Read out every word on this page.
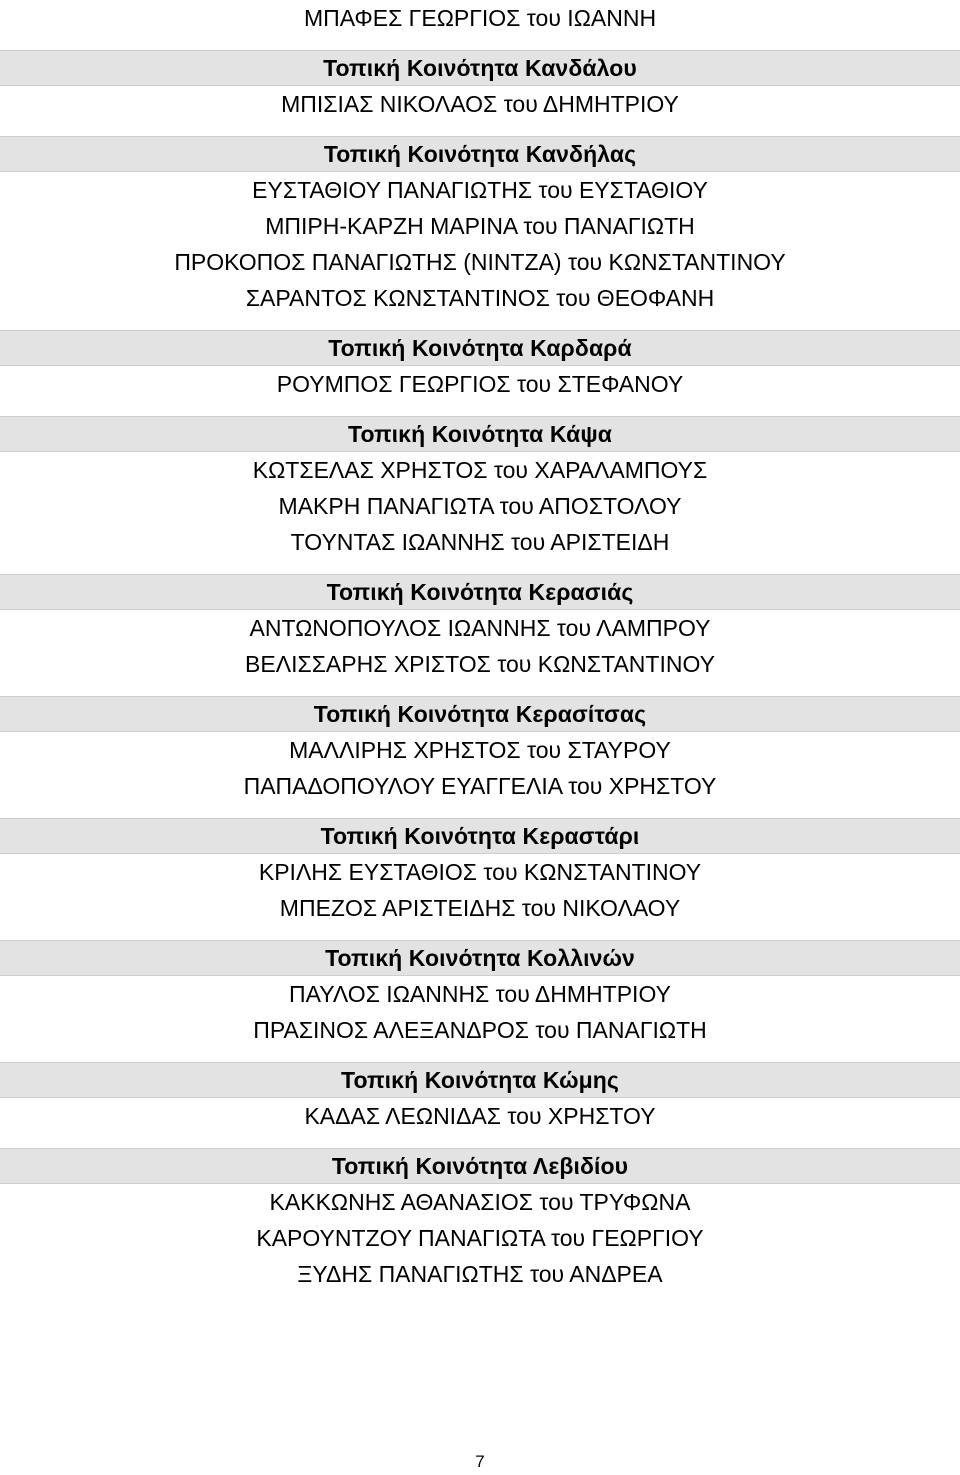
ΜΠΑΦΕΣ ΓΕΩΡΓΙΟΣ του ΙΩΑΝΝΗ
Τοπική Κοινότητα Κανδάλου
ΜΠΙΣΙΑΣ ΝΙΚΟΛΑΟΣ του ΔΗΜΗΤΡΙΟΥ
Τοπική Κοινότητα Κανδήλας
ΕΥΣΤΑΘΙΟΥ ΠΑΝΑΓΙΩΤΗΣ του ΕΥΣΤΑΘΙΟΥ
ΜΠΙΡΗ-ΚΑΡΖΗ ΜΑΡΙΝΑ του ΠΑΝΑΓΙΩΤΗ
ΠΡΟΚΟΠΟΣ ΠΑΝΑΓΙΩΤΗΣ (ΝΙΝΤΖΑ) του ΚΩΝΣΤΑΝΤΙΝΟΥ
ΣΑΡΑΝΤΟΣ ΚΩΝΣΤΑΝΤΙΝΟΣ του ΘΕΟΦΑΝΗ
Τοπική Κοινότητα Καρδαρά
ΡΟΥΜΠΟΣ ΓΕΩΡΓΙΟΣ του ΣΤΕΦΑΝΟΥ
Τοπική Κοινότητα Κάψα
ΚΩΤΣΕΛΑΣ ΧΡΗΣΤΟΣ του ΧΑΡΑΛΑΜΠΟΥΣ
ΜΑΚΡΗ ΠΑΝΑΓΙΩΤΑ του ΑΠΟΣΤΟΛΟΥ
ΤΟΥΝΤΑΣ ΙΩΑΝΝΗΣ του ΑΡΙΣΤΕΙΔΗ
Τοπική Κοινότητα Κερασιάς
ΑΝΤΩΝΟΠΟΥΛΟΣ ΙΩΑΝΝΗΣ του ΛΑΜΠΡΟΥ
ΒΕΛΙΣΣΑΡΗΣ ΧΡΙΣΤΟΣ του ΚΩΝΣΤΑΝΤΙΝΟΥ
Τοπική Κοινότητα Κερασίτσας
ΜΑΛΛΙΡΗΣ ΧΡΗΣΤΟΣ του ΣΤΑΥΡΟΥ
ΠΑΠΑΔΟΠΟΥΛΟΥ ΕΥΑΓΓΕΛΙΑ του ΧΡΗΣΤΟΥ
Τοπική Κοινότητα Κεραστάρι
ΚΡΙΛΗΣ ΕΥΣΤΑΘΙΟΣ του ΚΩΝΣΤΑΝΤΙΝΟΥ
ΜΠΕΖΟΣ ΑΡΙΣΤΕΙΔΗΣ του ΝΙΚΟΛΑΟΥ
Τοπική Κοινότητα Κολλινών
ΠΑΥΛΟΣ ΙΩΑΝΝΗΣ του ΔΗΜΗΤΡΙΟΥ
ΠΡΑΣΙΝΟΣ ΑΛΕΞΑΝΔΡΟΣ του ΠΑΝΑΓΙΩΤΗ
Τοπική Κοινότητα Κώμης
ΚΑΔΑΣ ΛΕΩΝΙΔΑΣ του ΧΡΗΣΤΟΥ
Τοπική Κοινότητα Λεβιδίου
ΚΑΚΚΩΝΗΣ ΑΘΑΝΑΣΙΟΣ του ΤΡΥΦΩΝΑ
ΚΑΡΟΥΝΤΖΟΥ ΠΑΝΑΓΙΩΤΑ του ΓΕΩΡΓΙΟΥ
ΞΥΔΗΣ ΠΑΝΑΓΙΩΤΗΣ του ΑΝΔΡΕΑ
7
